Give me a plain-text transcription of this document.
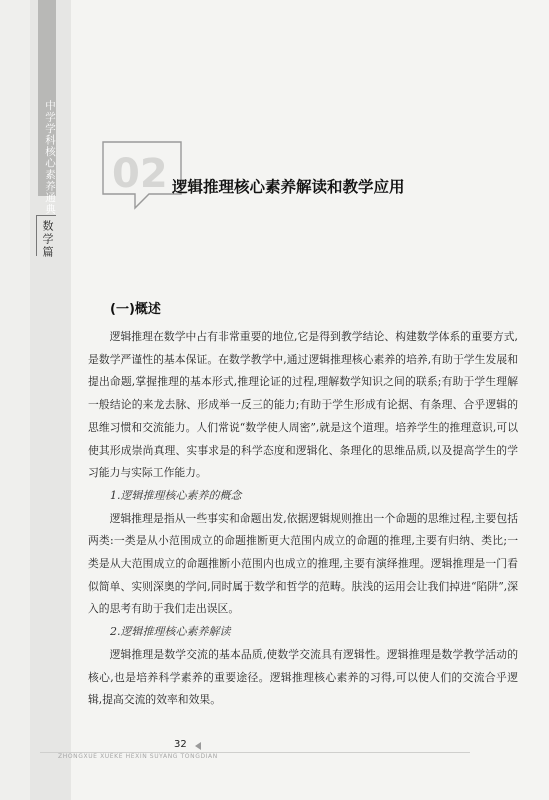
中学学科核心素养通典
数学篇
02 逻辑推理核心素养解读和教学应用
(一)概述

逻辑推理在数学中占有非常重要的地位,它是得到教学结论、构建数学体系的重要方式,是数学严谨性的基本保证。在数学教学中,通过逻辑推理核心素养的培养,有助于学生发展和提出命题,掌握推理的基本形式,推理论证的过程,理解数学知识之间的联系;有助于学生理解一般结论的来龙去脉、形成举一反三的能力;有助于学生形成有论据、有条理、合乎逻辑的思维习惯和交流能力。人们常说“数学使人周密”,就是这个道理。培养学生的推理意识,可以使其形成崇尚真理、实事求是的科学态度和逻辑化、条理化的思维品质,以及提高学生的学习能力与实际工作能力。

1.逻辑推理核心素养的概念

逻辑推理是指从一些事实和命题出发,依据逻辑规则推出一个命题的思维过程,主要包括两类:一类是从小范围成立的命题推断更大范围内成立的命题的推理,主要有归纳、类比;一类是从大范围成立的命题推断小范围内也成立的推理,主要有演绎推理。逻辑推理是一门看似简单、实则深奥的学问,同时属于数学和哲学的范畴。肤浅的运用会让我们掉进“陷阱”,深入的思考有助于我们走出误区。

2.逻辑推理核心素养解读

逻辑推理是数学交流的基本品质,使数学交流具有逻辑性。逻辑推理是数学教学活动的核心,也是培养科学素养的重要途径。逻辑推理核心素养的习得,可以使人们的交流合乎逻辑,提高交流的效率和效果。

32
ZHONGXUE XUEKE HEXIN SUYANG TONGDIAN
